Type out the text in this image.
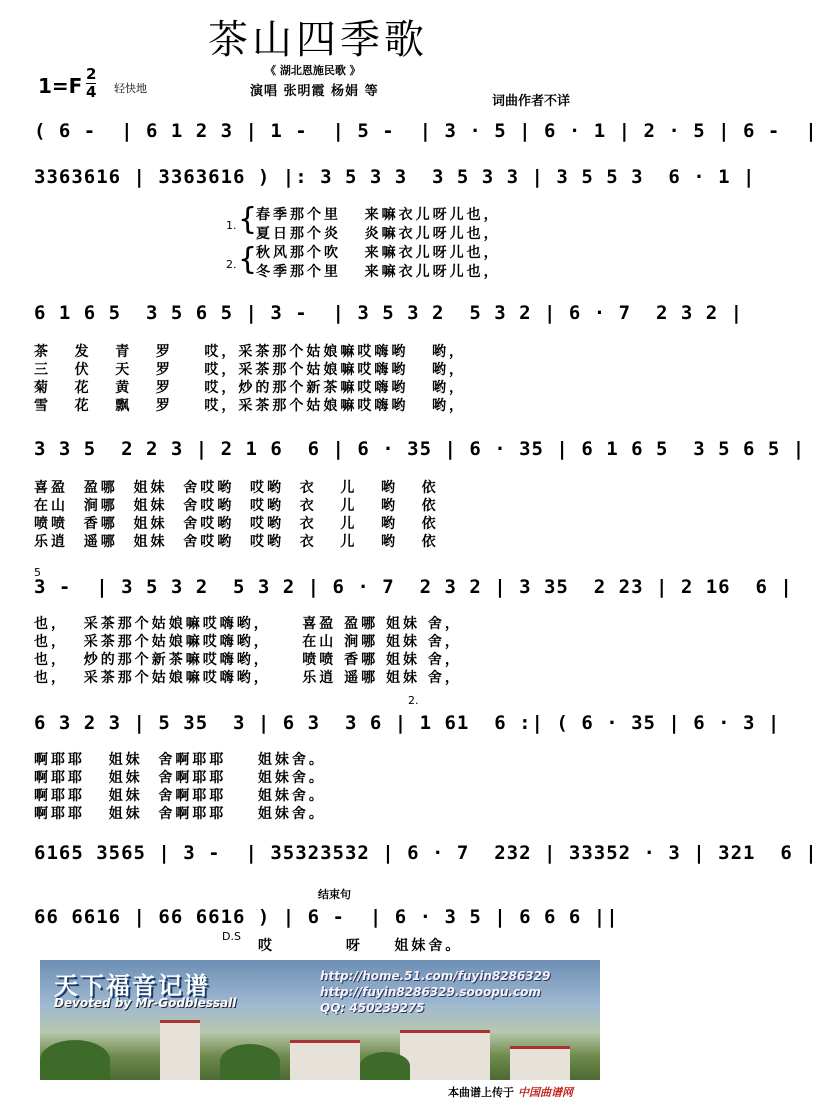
茶山四季歌
1=F 2
4 轻快地
《 湖北恩施民歌 》
演唱 张明霞 杨娟 等
词曲作者不详
( 6 -  | 6 1 2 3 | 1 -  | 5 -  | 3 · 5 | 6 · 1 | 2 · 5 | 6 -  |
3363616 | 3363616 ) |: 3 5 3 3  3 5 3 3 | 3 5 5 3  6 · 1 |
1.
2.
{
{
春季那个里   来嘛衣儿呀儿也，
夏日那个炎   炎嘛衣儿呀儿也，
秋风那个吹   来嘛衣儿呀儿也，
冬季那个里   来嘛衣儿呀儿也，
6 1 6 5  3 5 6 5 | 3 -  | 3 5 3 2  5 3 2 | 6 · 7  2 3 2 |
茶   发   青   罗    哎，采茶那个姑娘嘛哎嗨哟   哟，
三   伏   天   罗    哎，采茶那个姑娘嘛哎嗨哟   哟，
菊   花   黄   罗    哎，炒的那个新茶嘛哎嗨哟   哟，
雪   花   飘   罗    哎，采茶那个姑娘嘛哎嗨哟   哟，
3 3 5  2 2 3 | 2 1 6  6 | 6 · 35 | 6 · 35 | 6 1 6 5  3 5 6 5 |
喜盈  盈哪  姐妹  舍哎哟  哎哟  衣   儿   哟   依
在山  涧哪  姐妹  舍哎哟  哎哟  衣   儿   哟   依
喷喷  香哪  姐妹  舍哎哟  哎哟  衣   儿   哟   依
乐逍  遥哪  姐妹  舍哎哟  哎哟  衣   儿   哟   依
5
3 -  | 3 5 3 2  5 3 2 | 6 · 7  2 3 2 | 3 35  2 23 | 2 16  6 |
也，  采茶那个姑娘嘛哎嗨哟，    喜盈 盈哪 姐妹 舍，
也，  采茶那个姑娘嘛哎嗨哟，    在山 涧哪 姐妹 舍，
也，  炒的那个新茶嘛哎嗨哟，    喷喷 香哪 姐妹 舍，
也，  采茶那个姑娘嘛哎嗨哟，    乐逍 遥哪 姐妹 舍，
2.
6 3 2 3 | 5 35  3 | 6 3  3 6 | 1 61  6 :| ( 6 · 35 | 6 · 3 |
啊耶耶   姐妹  舍啊耶耶    姐妹舍。
啊耶耶   姐妹  舍啊耶耶    姐妹舍。
啊耶耶   姐妹  舍啊耶耶    姐妹舍。
啊耶耶   姐妹  舍啊耶耶    姐妹舍。
6165 3565 | 3 -  | 35323532 | 6 · 7  232 | 33352 · 3 | 321  6 |
结束句
66 6616 | 66 6616 ) | 6 -  | 6 · 3 5 | 6 6 6 ||
D.S
哎         呀    姐妹舍。
天下福音记谱
Devoted by Mr-Godblessall
http://home.51.com/fuyin8286329
http://fuyin8286329.sooopu.com
QQ: 450239275
本曲谱上传于 中国曲谱网
